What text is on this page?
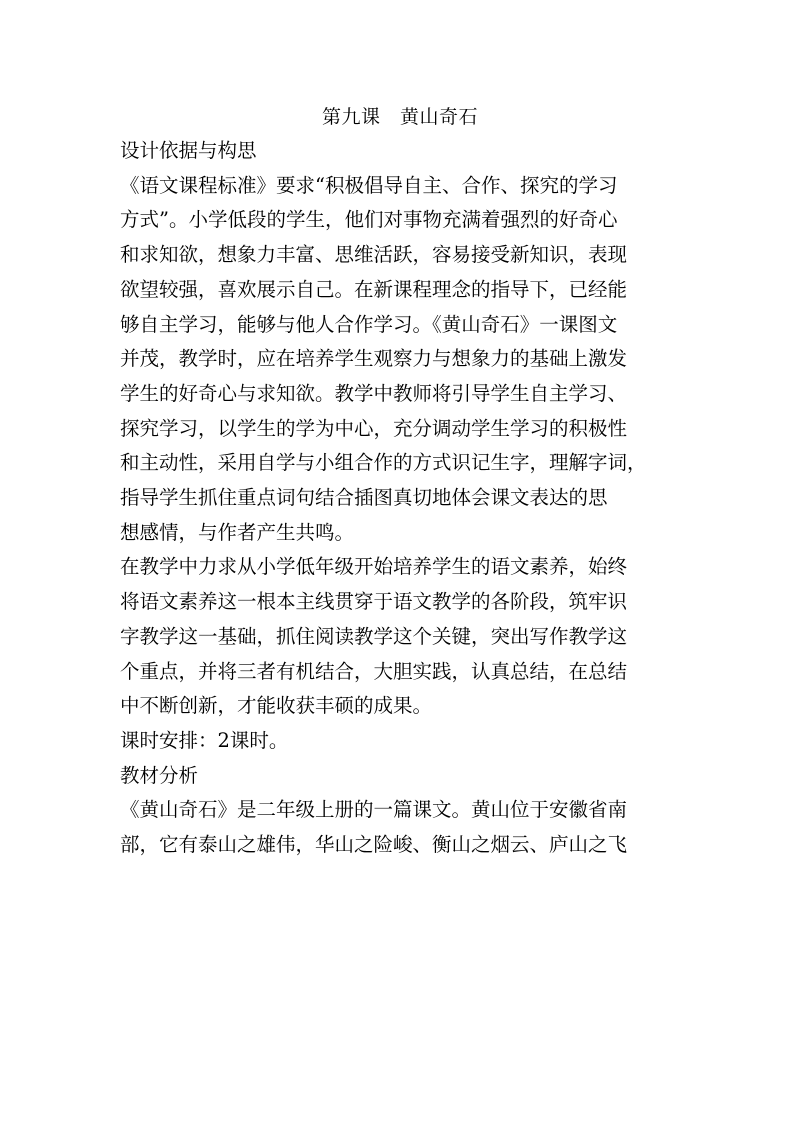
第九课　黄山奇石
设计依据与构思
《语文课程标准》要求“积极倡导自主、合作、探究的学习
方式”。小学低段的学生，他们对事物充满着强烈的好奇心
和求知欲，想象力丰富、思维活跃，容易接受新知识，表现
欲望较强，喜欢展示自己。在新课程理念的指导下，已经能
够自主学习，能够与他人合作学习。《黄山奇石》一课图文
并茂，教学时，应在培养学生观察力与想象力的基础上激发
学生的好奇心与求知欲。教学中教师将引导学生自主学习、
探究学习，以学生的学为中心，充分调动学生学习的积极性
和主动性，采用自学与小组合作的方式识记生字，理解字词，
指导学生抓住重点词句结合插图真切地体会课文表达的思
想感情，与作者产生共鸣。
在教学中力求从小学低年级开始培养学生的语文素养，始终
将语文素养这一根本主线贯穿于语文教学的各阶段，筑牢识
字教学这一基础，抓住阅读教学这个关键，突出写作教学这
个重点，并将三者有机结合，大胆实践，认真总结，在总结
中不断创新，才能收获丰硕的成果。
课时安排：2课时。
教材分析
《黄山奇石》是二年级上册的一篇课文。黄山位于安徽省南
部，它有泰山之雄伟，华山之险峻、衡山之烟云、庐山之飞
